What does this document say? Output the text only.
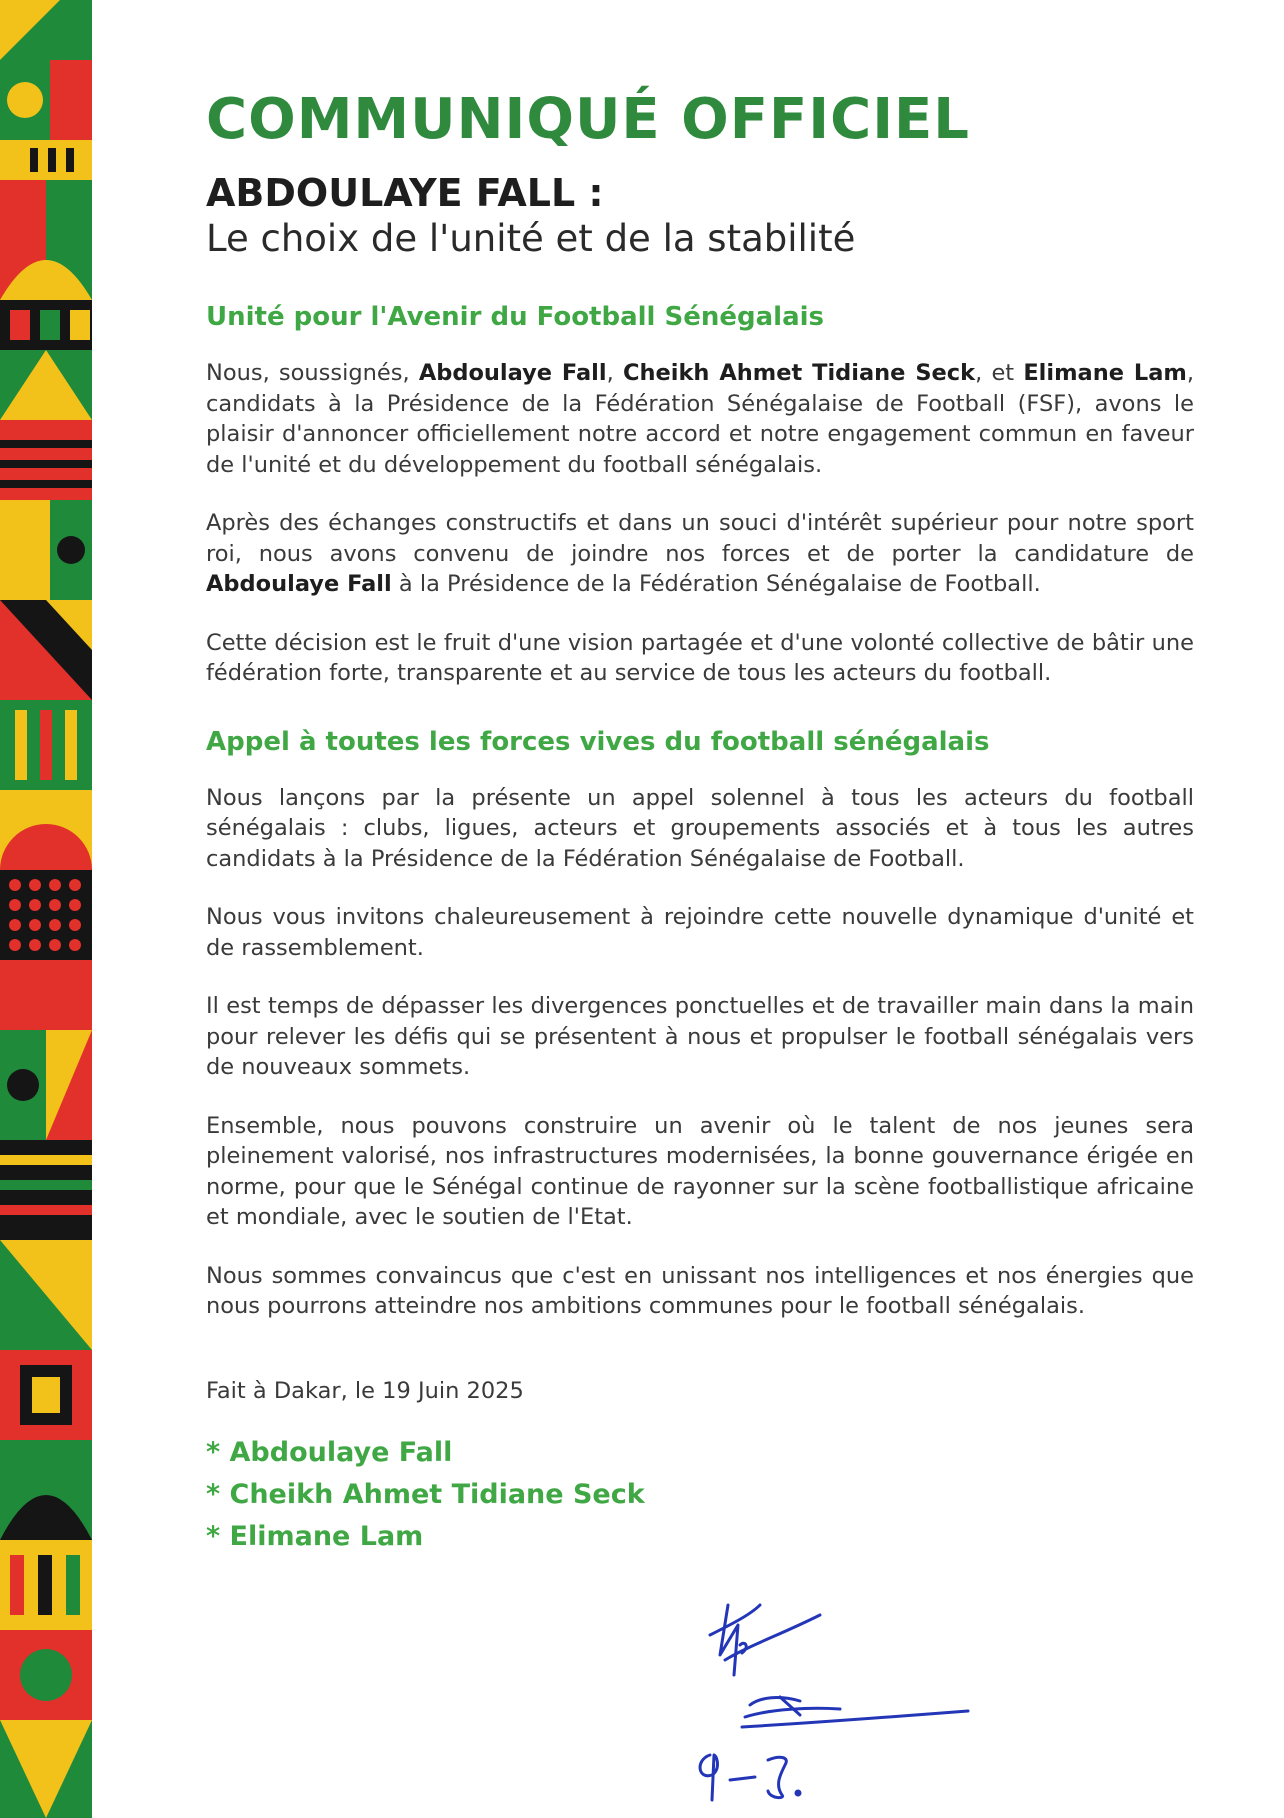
COMMUNIQUÉ OFFICIEL
ABDOULAYE FALL :
Le choix de l'unité et de la stabilité
Unité pour l'Avenir du Football Sénégalais

Nous, soussignés, Abdoulaye Fall, Cheikh Ahmet Tidiane Seck, et Elimane Lam, candidats à la Présidence de la Fédération Sénégalaise de Football (FSF), avons le plaisir d'annoncer officiellement notre accord et notre engagement commun en faveur de l'unité et du développement du football sénégalais.

Après des échanges constructifs et dans un souci d'intérêt supérieur pour notre sport roi, nous avons convenu de joindre nos forces et de porter la candidature de Abdoulaye Fall à la Présidence de la Fédération Sénégalaise de Football.

Cette décision est le fruit d'une vision partagée et d'une volonté collective de bâtir une fédération forte, transparente et au service de tous les acteurs du football.

Appel à toutes les forces vives du football sénégalais

Nous lançons par la présente un appel solennel à tous les acteurs du football sénégalais : clubs, ligues, acteurs et groupements associés et à tous les autres candidats à la Présidence de la Fédération Sénégalaise de Football.

Nous vous invitons chaleureusement à rejoindre cette nouvelle dynamique d'unité et de rassemblement.

Il est temps de dépasser les divergences ponctuelles et de travailler main dans la main pour relever les défis qui se présentent à nous et propulser le football sénégalais vers de nouveaux sommets.

Ensemble, nous pouvons construire un avenir où le talent de nos jeunes sera pleinement valorisé, nos infrastructures modernisées, la bonne gouvernance érigée en norme, pour que le Sénégal continue de rayonner sur la scène footballistique africaine et mondiale, avec le soutien de l'Etat.

Nous sommes convaincus que c'est en unissant nos intelligences et nos énergies que nous pourrons atteindre nos ambitions communes pour le football sénégalais.

Fait à Dakar, le 19 Juin 2025

* Abdoulaye Fall
* Cheikh Ahmet Tidiane Seck
* Elimane Lam
